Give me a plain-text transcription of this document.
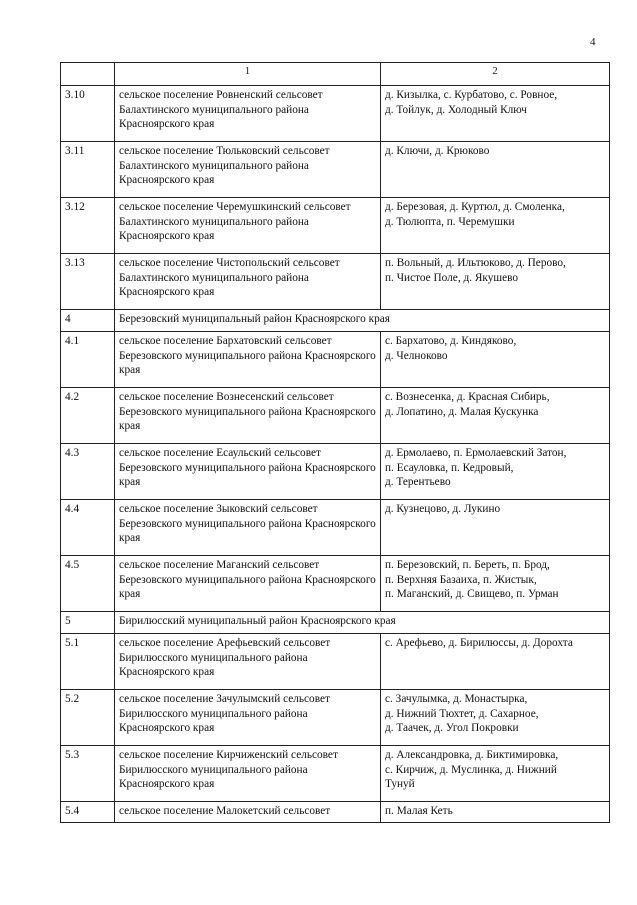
4
	1	2
3.10	сельское поселение Ровненский сельсовет Балахтинского муниципального района Красноярского края	д. Кизылка, с. Курбатово, с. Ровное,
д. Тойлук, д. Холодный Ключ
3.11	сельское поселение Тюльковский сельсовет Балахтинского муниципального района Красноярского края	д. Ключи, д. Крюково
3.12	сельское поселение Черемушкинский сельсовет Балахтинского муниципального района Красноярского края	д. Березовая, д. Куртюл, д. Смоленка,
д. Тюлюпта, п. Черемушки
3.13	сельское поселение Чистопольский сельсовет Балахтинского муниципального района Красноярского края	п. Вольный, д. Ильтюково, д. Перово,
п. Чистое Поле, д. Якушево
4	Березовский муниципальный район Красноярского края	
4.1	сельское поселение Бархатовский сельсовет Березовского муниципального района Красноярского края	с. Бархатово, д. Киндяково,
д. Челноково
4.2	сельское поселение Вознесенский сельсовет Березовского муниципального района Красноярского края	с. Вознесенка, д. Красная Сибирь,
д. Лопатино, д. Малая Кускунка
4.3	сельское поселение Есаульский сельсовет Березовского муниципального района Красноярского края	д. Ермолаево, п. Ермолаевский Затон,
п. Есауловка, п. Кедровый,
д. Терентьево
4.4	сельское поселение Зыковский сельсовет Березовского муниципального района Красноярского края	д. Кузнецово, д. Лукино
4.5	сельское поселение Маганский сельсовет Березовского муниципального района Красноярского края	п. Березовский, п. Береть, п. Брод,
п. Верхняя Базаиха, п. Жистык,
п. Маганский, д. Свищево, п. Урман
5	Бирилюсский муниципальный район Красноярского края	
5.1	сельское поселение Арефьевский сельсовет Бирилюсского муниципального района Красноярского края	с. Арефьево, д. Бирилюссы, д. Дорохта
5.2	сельское поселение Зачулымский сельсовет Бирилюсского муниципального района Красноярского края	с. Зачулымка, д. Монастырка,
д. Нижний Тюхтет, д. Сахарное,
д. Таачек, д. Угол Покровки
5.3	сельское поселение Кирчиженский сельсовет Бирилюсского муниципального района Красноярского края	д. Александровка, д. Биктимировка,
с. Кирчиж, д. Муслинка, д. Нижний
Тунуй
5.4	сельское поселение Малокетский сельсовет	п. Малая Кеть
